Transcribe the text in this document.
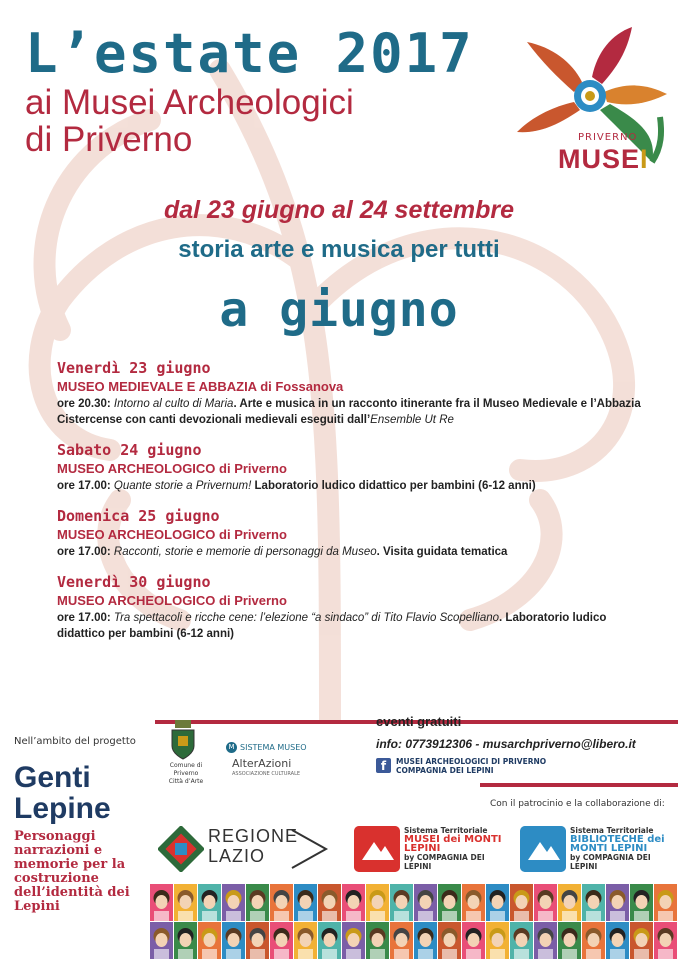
L’estate 2017
ai Musei Archeologici
di Priverno	PRIVERNO
MUSEI
dal 23 giugno al 24 settembre
storia arte e musica per tutti
a giugno
Venerdì 23 giugno
MUSEO MEDIEVALE E ABBAZIA di Fossanova
ore 20.30: Intorno al culto di Maria. Arte e musica in un racconto itinerante fra il Museo Medievale e l’Abbazia Cistercense con canti devozionali medievali eseguiti dall’Ensemble Ut Re
Sabato 24 giugno
MUSEO ARCHEOLOGICO di Priverno
ore 17.00: Quante storie a Privernum! Laboratorio ludico didattico per bambini (6-12 anni)
Domenica 25 giugno
MUSEO ARCHEOLOGICO di Priverno
ore 17.00: Racconti, storie e memorie di personaggi da Museo. Visita guidata tematica
Venerdì 30 giugno
MUSEO ARCHEOLOGICO di Priverno
ore 17.00: Tra spettacoli e ricche cene: l’elezione “a sindaco” di Tito Flavio Scopelliano. Laboratorio ludico didattico per bambini (6-12 anni)
Nell’ambito del progetto
Genti
Lepine
Personaggi narrazioni e memorie per la costruzione dell’identità dei Lepini
Comune di Priverno
Città d’Arte
M SISTEMA MUSEO
AlterAzioni
ASSOCIAZIONE CULTURALE
eventi gratuiti
info: 0773912306 - musarchpriverno@libero.it
f	MUSEI ARCHEOLOGICI DI PRIVERNO
COMPAGNIA DEI LEPINI
Con il patrocinio e la collaborazione di:
REGIONE
LAZIO
Sistema Territoriale
MUSEI dei MONTI LEPINI
by COMPAGNIA DEI LEPINI
Sistema Territoriale
BIBLIOTECHE dei MONTI LEPINI
by COMPAGNIA DEI LEPINI
